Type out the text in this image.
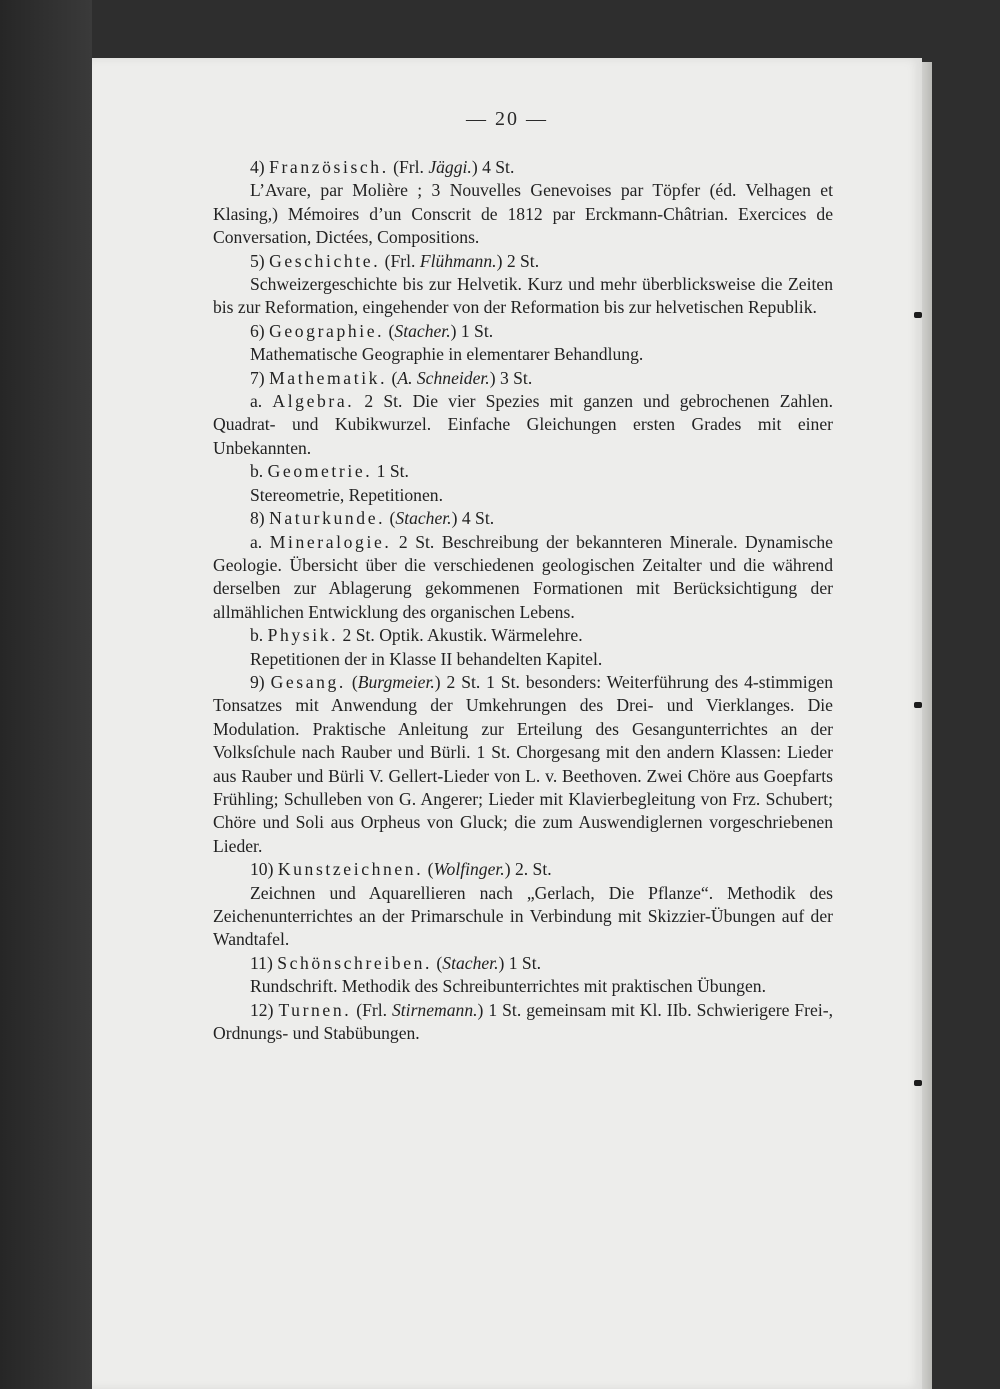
— 20 —

4) Französisch. (Frl. Jäggi.) 4 St.

L’Avare, par Molière ; 3 Nouvelles Genevoises par Töpfer (éd. Velhagen et Klasing,) Mémoires d’un Conscrit de 1812 par Erckmann-Châtrian. Exercices de Conversation, Dictées, Compositions.

5) Geschichte. (Frl. Flühmann.) 2 St.

Schweizergeschichte bis zur Helvetik. Kurz und mehr überblicksweise die Zeiten bis zur Reformation, eingehender von der Reformation bis zur helvetischen Republik.

6) Geographie. (Stacher.) 1 St.

Mathematische Geographie in elementarer Behandlung.

7) Mathematik. (A. Schneider.) 3 St.

a. Algebra. 2 St. Die vier Spezies mit ganzen und gebrochenen Zahlen. Quadrat- und Kubikwurzel. Einfache Gleichungen ersten Grades mit einer Unbekannten.

b. Geometrie. 1 St.

Stereometrie, Repetitionen.

8) Naturkunde. (Stacher.) 4 St.

a. Mineralogie. 2 St. Beschreibung der bekannteren Minerale. Dynamische Geologie. Übersicht über die verschiedenen geologischen Zeitalter und die während derselben zur Ablagerung gekommenen Formationen mit Berücksichtigung der allmählichen Entwicklung des organischen Lebens.

b. Physik. 2 St. Optik. Akustik. Wärmelehre.

Repetitionen der in Klasse II behandelten Kapitel.

9) Gesang. (Burgmeier.) 2 St. 1 St. besonders: Weiterführung des 4-stimmigen Tonsatzes mit Anwendung der Umkehrungen des Drei- und Vierklanges. Die Modulation. Praktische Anleitung zur Erteilung des Gesangunterrichtes an der Volksſchule nach Rauber und Bürli. 1 St. Chorgesang mit den andern Klassen: Lieder aus Rauber und Bürli V. Gellert-Lieder von L. v. Beethoven. Zwei Chöre aus Goepfarts Frühling; Schulleben von G. Angerer; Lieder mit Klavierbegleitung von Frz. Schubert; Chöre und Soli aus Orpheus von Gluck; die zum Auswendiglernen vorgeschriebenen Lieder.

10) Kunstzeichnen. (Wolfinger.) 2. St.

Zeichnen und Aquarellieren nach „Gerlach, Die Pflanze“. Methodik des Zeichenunterrichtes an der Primarschule in Verbindung mit Skizzier-Übungen auf der Wandtafel.

11) Schönschreiben. (Stacher.) 1 St.

Rundschrift. Methodik des Schreibunterrichtes mit praktischen Übungen.

12) Turnen. (Frl. Stirnemann.) 1 St. gemeinsam mit Kl. IIb. Schwierigere Frei-, Ordnungs- und Stabübungen.
